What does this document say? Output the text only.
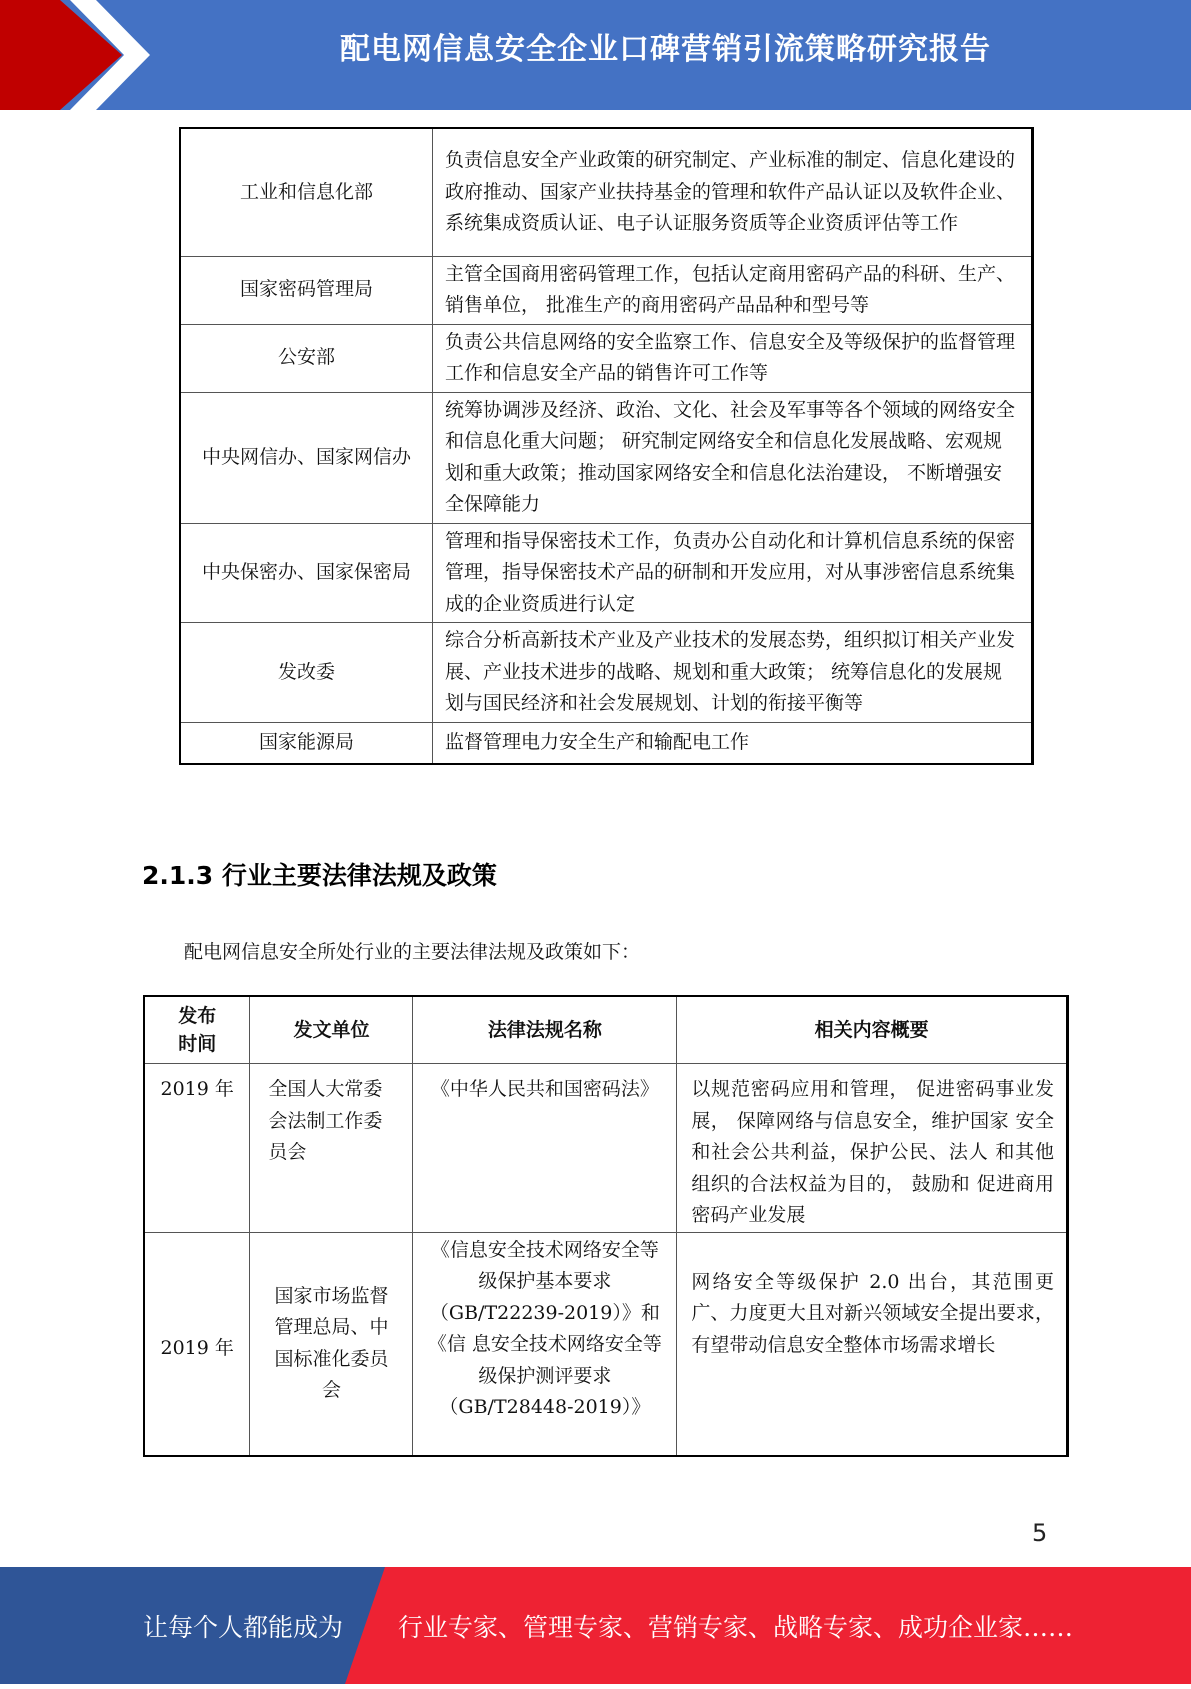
配电网信息安全企业口碑营销引流策略研究报告
工业和信息化部	负责信息安全产业政策的研究制定、产业标准的制定、信息化建设的政府推动、国家产业扶持基金的管理和软件产品认证以及软件企业、系统集成资质认证、电子认证服务资质等企业资质评估等工作
国家密码管理局	主管全国商用密码管理工作，包括认定商用密码产品的科研、生产、销售单位， 批准生产的商用密码产品品种和型号等
公安部	负责公共信息网络的安全监察工作、信息安全及等级保护的监督管理工作和信息安全产品的销售许可工作等
中央网信办、国家网信办	统筹协调涉及经济、政治、文化、社会及军事等各个领域的网络安全和信息化重大问题； 研究制定网络安全和信息化发展战略、宏观规划和重大政策；推动国家网络安全和信息化法治建设， 不断增强安全保障能力
中央保密办、国家保密局	管理和指导保密技术工作，负责办公自动化和计算机信息系统的保密管理，指导保密技术产品的研制和开发应用，对从事涉密信息系统集成的企业资质进行认定
发改委	综合分析高新技术产业及产业技术的发展态势，组织拟订相关产业发展、产业技术进步的战略、规划和重大政策； 统筹信息化的发展规划与国民经济和社会发展规划、计划的衔接平衡等
国家能源局	监督管理电力安全生产和输配电工作
2.1.3 行业主要法律法规及政策
配电网信息安全所处行业的主要法律法规及政策如下：
发布时间	发文单位	法律法规名称	相关内容概要
2019 年	全国人大常委会法制工作委员会	《中华人民共和国密码法》	以规范密码应用和管理， 促进密码事业发展， 保障网络与信息安全，维护国家 安全和社会公共利益，保护公民、法人 和其他组织的合法权益为目的， 鼓励和 促进商用密码产业发展
2019 年	国家市场监督管理总局、中国标准化委员会	《信息安全技术网络安全等级保护基本要求（GB/T22239-2019）》和《信 息安全技术网络安全等级保护测评要求（GB/T28448-2019）》	网络安全等级保护 2.0 出台，其范围更广、力度更大且对新兴领域安全提出要求，有望带动信息安全整体市场需求增长
5
让每个人都能成为 行业专家、管理专家、营销专家、战略专家、成功企业家……
